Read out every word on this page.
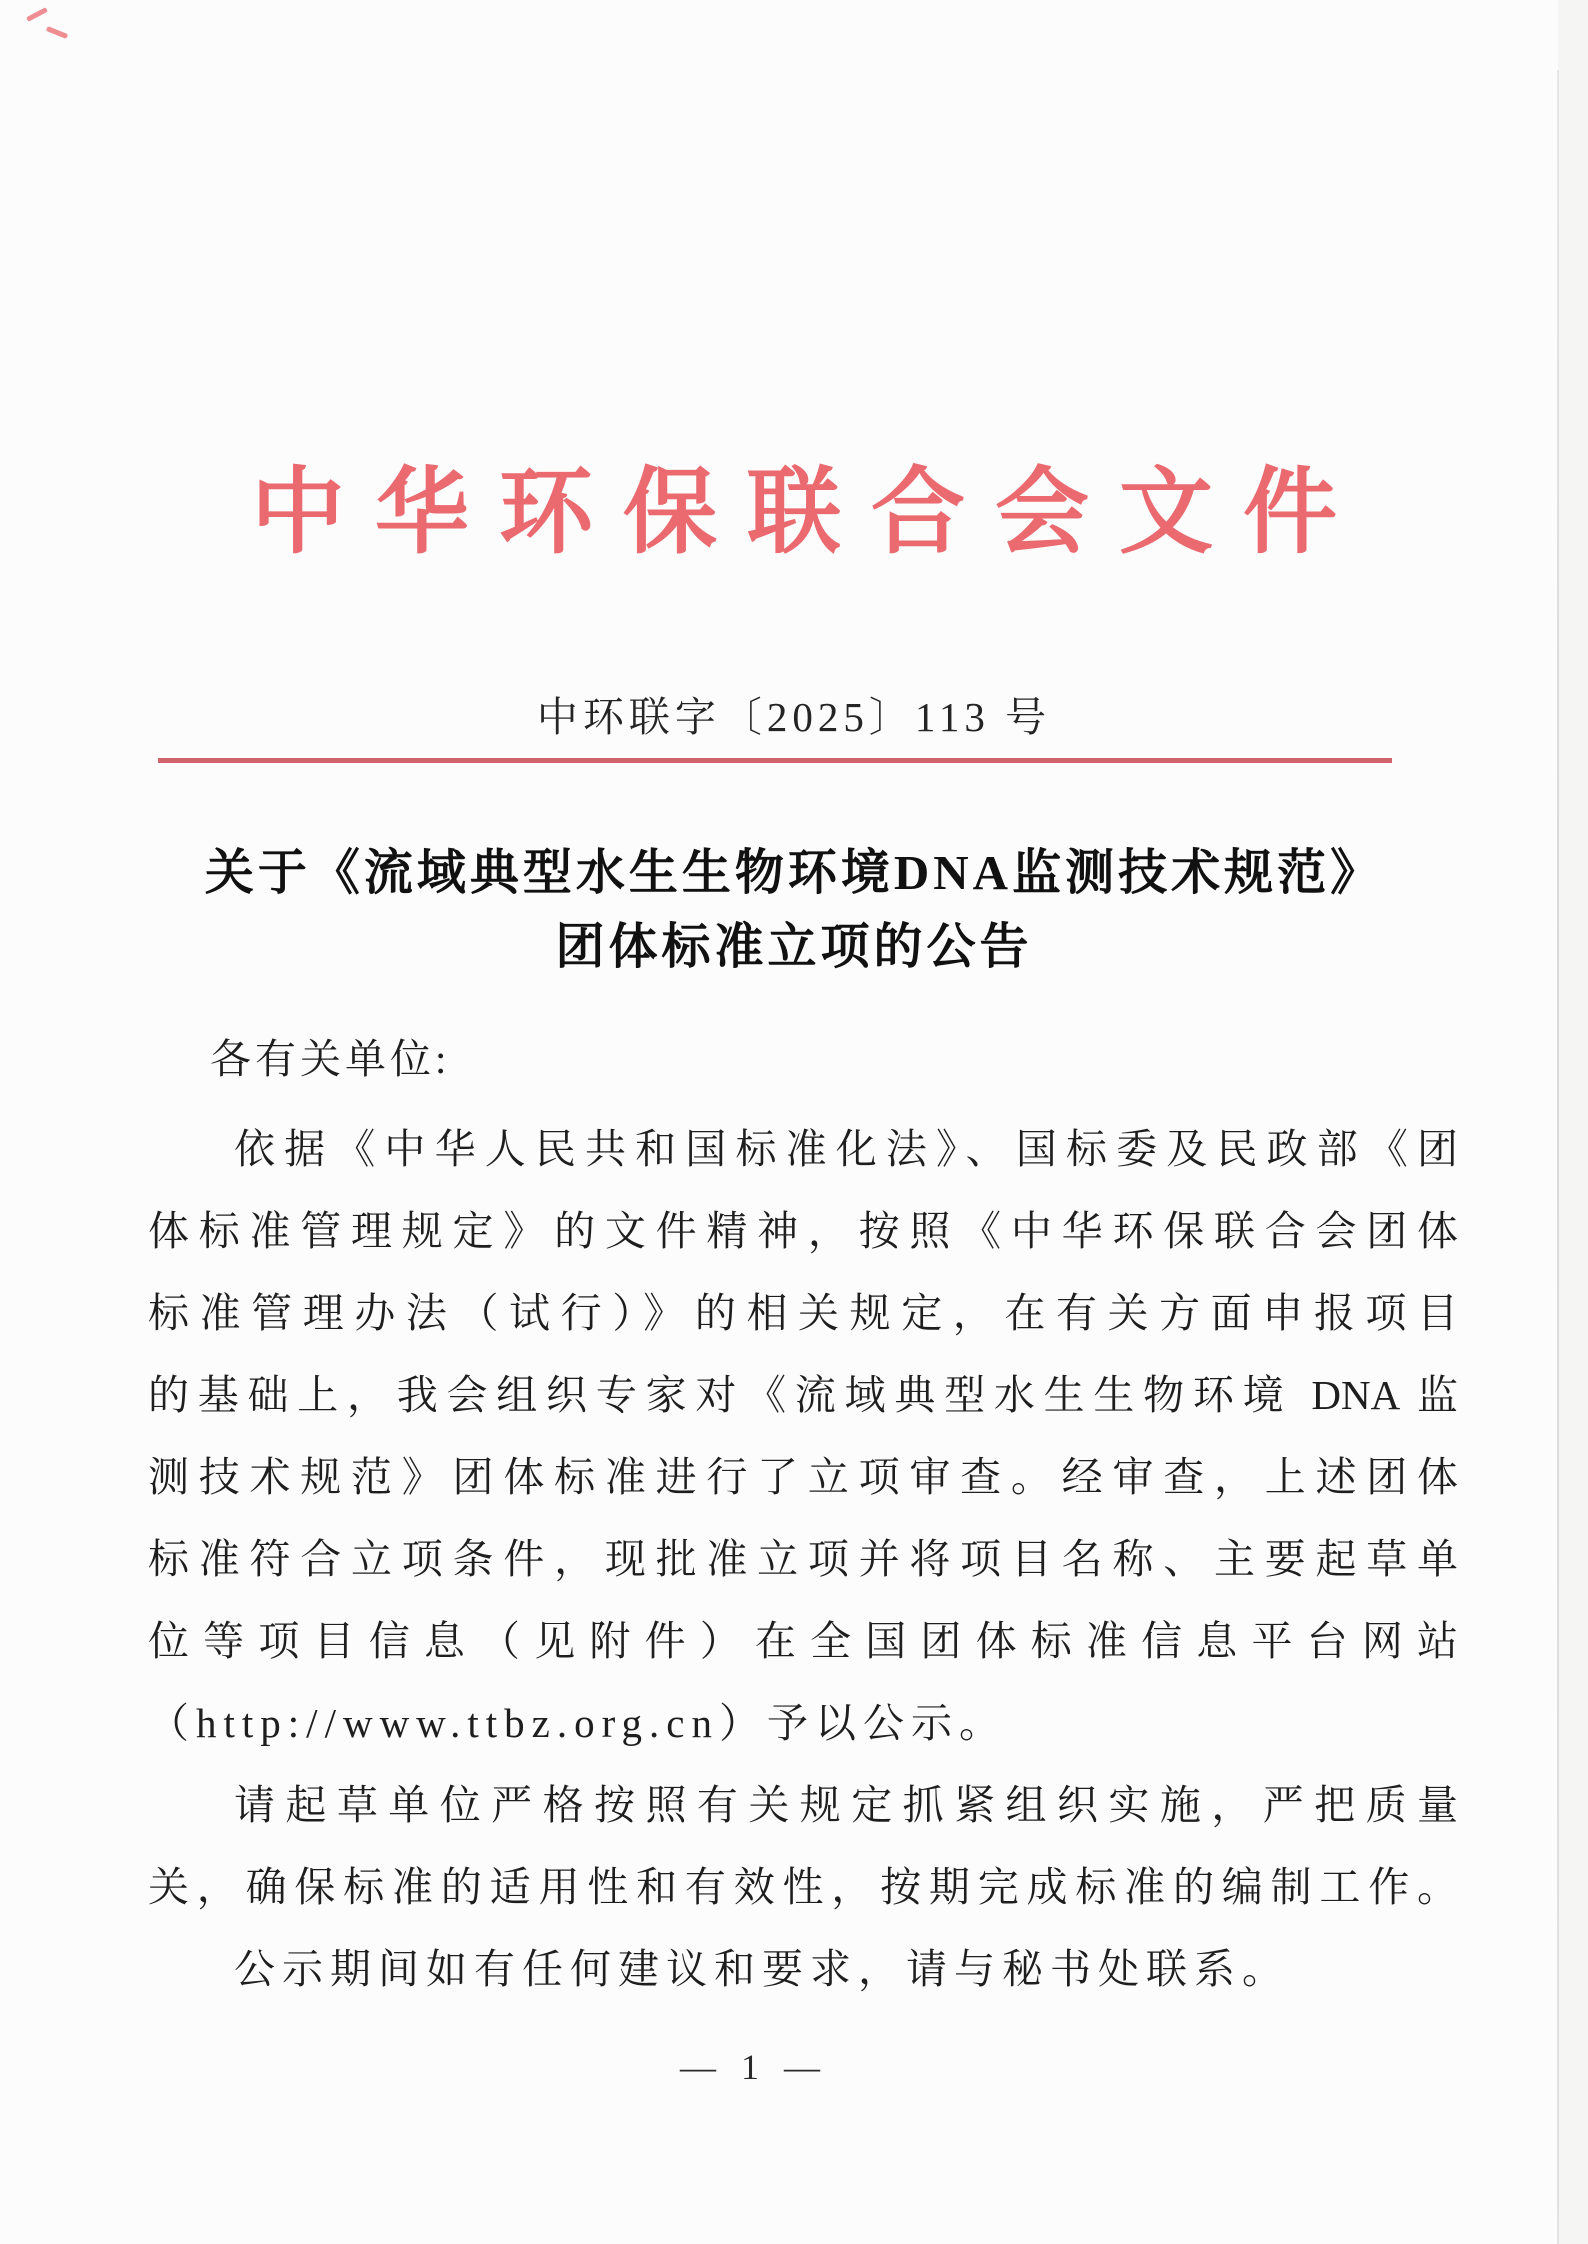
中华环保联合会文件
中环联字〔2025〕113 号
关于《流域典型水生生物环境DNA监测技术规范》
团体标准立项的公告
各有关单位:
依据《中华人民共和国标准化法》、国标委及民政部《团
体标准管理规定》的文件精神，按照《中华环保联合会团体
标准管理办法（试行）》的相关规定，在有关方面申报项目
的基础上，我会组织专家对《流域典型水生生物环境 DNA 监
测技术规范》团体标准进行了立项审查。经审查，上述团体
标准符合立项条件，现批准立项并将项目名称、主要起草单
位等项目信息（见附件）在全国团体标准信息平台网站
（http://www.ttbz.org.cn）予以公示。
请起草单位严格按照有关规定抓紧组织实施，严把质量
关，确保标准的适用性和有效性，按期完成标准的编制工作。
公示期间如有任何建议和要求，请与秘书处联系。
— 1 —
